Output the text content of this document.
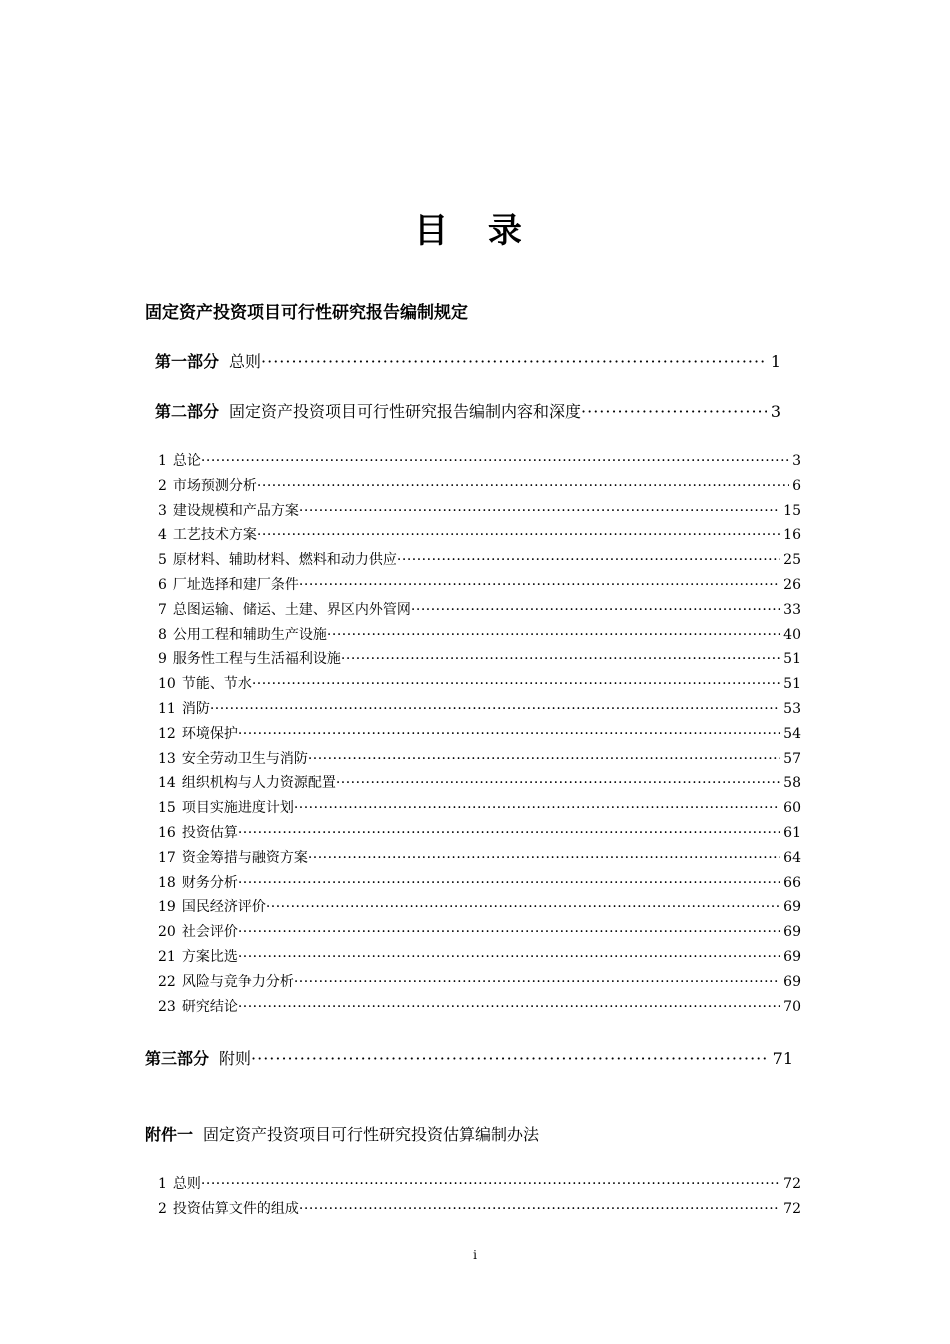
目 录
固定资产投资项目可行性研究报告编制规定
第一部分 总则 ·····	1
第二部分 固定资产投资项目可行性研究报告编制内容和深度 ·····	3
1 总论 ·····	3
2 市场预测分析 ·····	6
3 建设规模和产品方案 ·····	15
4 工艺技术方案 ·····	16
5 原材料、辅助材料、燃料和动力供应 ·····	25
6 厂址选择和建厂条件 ·····	26
7 总图运输、储运、土建、界区内外管网 ·····	33
8 公用工程和辅助生产设施 ·····	40
9 服务性工程与生活福利设施 ·····	51
10 节能、节水 ·····	51
11 消防 ·····	53
12 环境保护 ·····	54
13 安全劳动卫生与消防 ·····	57
14 组织机构与人力资源配置 ·····	58
15 项目实施进度计划 ·····	60
16 投资估算 ·····	61
17 资金筹措与融资方案 ·····	64
18 财务分析 ·····	66
19 国民经济评价 ·····	69
20 社会评价 ·····	69
21 方案比选 ·····	69
22 风险与竞争力分析 ·····	69
23 研究结论 ·····	70
第三部分 附则 ·····	71
附件一 固定资产投资项目可行性研究投资估算编制办法
1 总则 ·····	72
2 投资估算文件的组成 ·····	72
i
